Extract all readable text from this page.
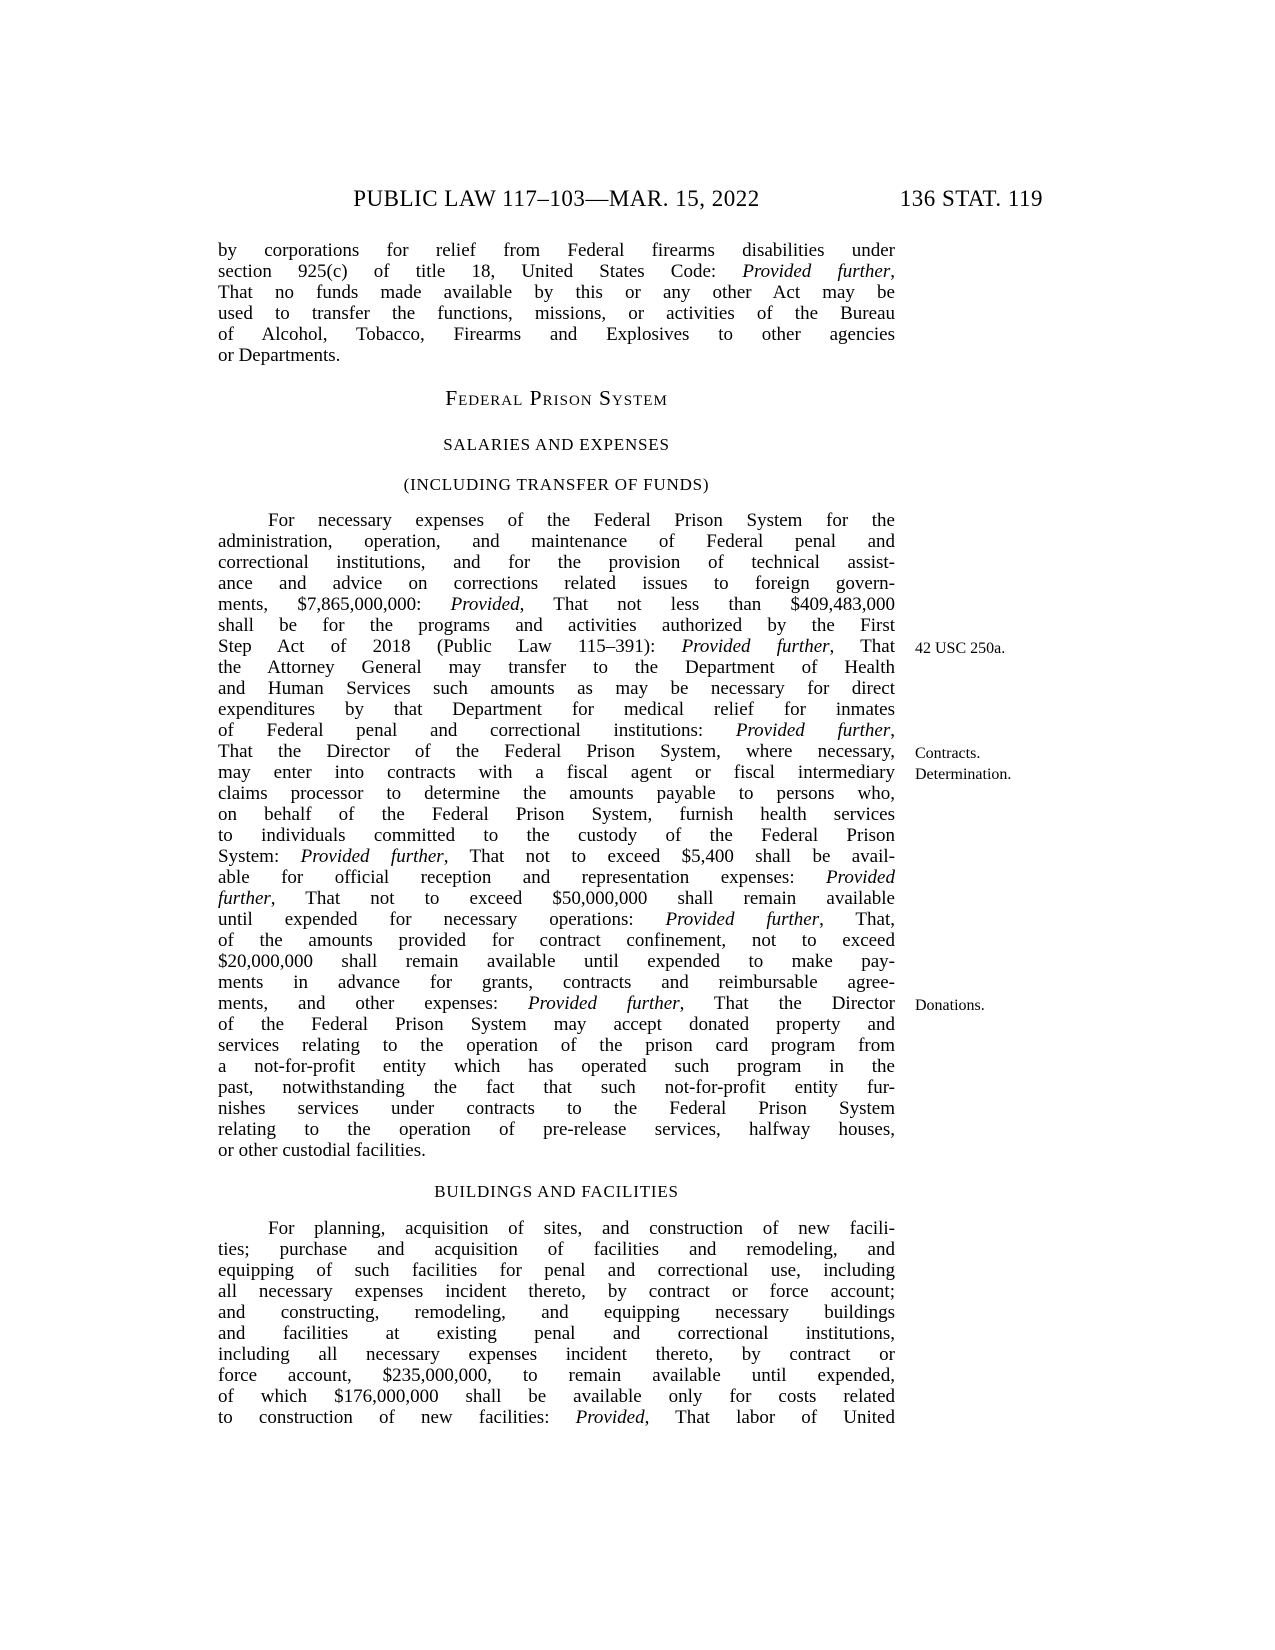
PUBLIC LAW 117–103—MAR. 15, 2022	136 STAT. 119
by corporations for relief from Federal firearms disabilities under
section 925(c) of title 18, United States Code: Provided further,
That no funds made available by this or any other Act may be
used to transfer the functions, missions, or activities of the Bureau
of Alcohol, Tobacco, Firearms and Explosives to other agencies
or Departments.
Federal Prison System
SALARIES AND EXPENSES
(INCLUDING TRANSFER OF FUNDS)
For necessary expenses of the Federal Prison System for the
administration, operation, and maintenance of Federal penal and
correctional institutions, and for the provision of technical assist-
ance and advice on corrections related issues to foreign govern-
ments, $7,865,000,000: Provided, That not less than $409,483,000
shall be for the programs and activities authorized by the First
Step Act of 2018 (Public Law 115–391): Provided further, That
the Attorney General may transfer to the Department of Health
and Human Services such amounts as may be necessary for direct
expenditures by that Department for medical relief for inmates
of Federal penal and correctional institutions: Provided further,
That the Director of the Federal Prison System, where necessary,
may enter into contracts with a fiscal agent or fiscal intermediary
claims processor to determine the amounts payable to persons who,
on behalf of the Federal Prison System, furnish health services
to individuals committed to the custody of the Federal Prison
System: Provided further, That not to exceed $5,400 shall be avail-
able for official reception and representation expenses: Provided
further, That not to exceed $50,000,000 shall remain available
until expended for necessary operations: Provided further, That,
of the amounts provided for contract confinement, not to exceed
$20,000,000 shall remain available until expended to make pay-
ments in advance for grants, contracts and reimbursable agree-
ments, and other expenses: Provided further, That the Director
of the Federal Prison System may accept donated property and
services relating to the operation of the prison card program from
a not-for-profit entity which has operated such program in the
past, notwithstanding the fact that such not-for-profit entity fur-
nishes services under contracts to the Federal Prison System
relating to the operation of pre-release services, halfway houses,
or other custodial facilities.
BUILDINGS AND FACILITIES
For planning, acquisition of sites, and construction of new facili-
ties; purchase and acquisition of facilities and remodeling, and
equipping of such facilities for penal and correctional use, including
all necessary expenses incident thereto, by contract or force account;
and constructing, remodeling, and equipping necessary buildings
and facilities at existing penal and correctional institutions,
including all necessary expenses incident thereto, by contract or
force account, $235,000,000, to remain available until expended,
of which $176,000,000 shall be available only for costs related
to construction of new facilities: Provided, That labor of United
42 USC 250a.
Contracts.
Determination.
Donations.
